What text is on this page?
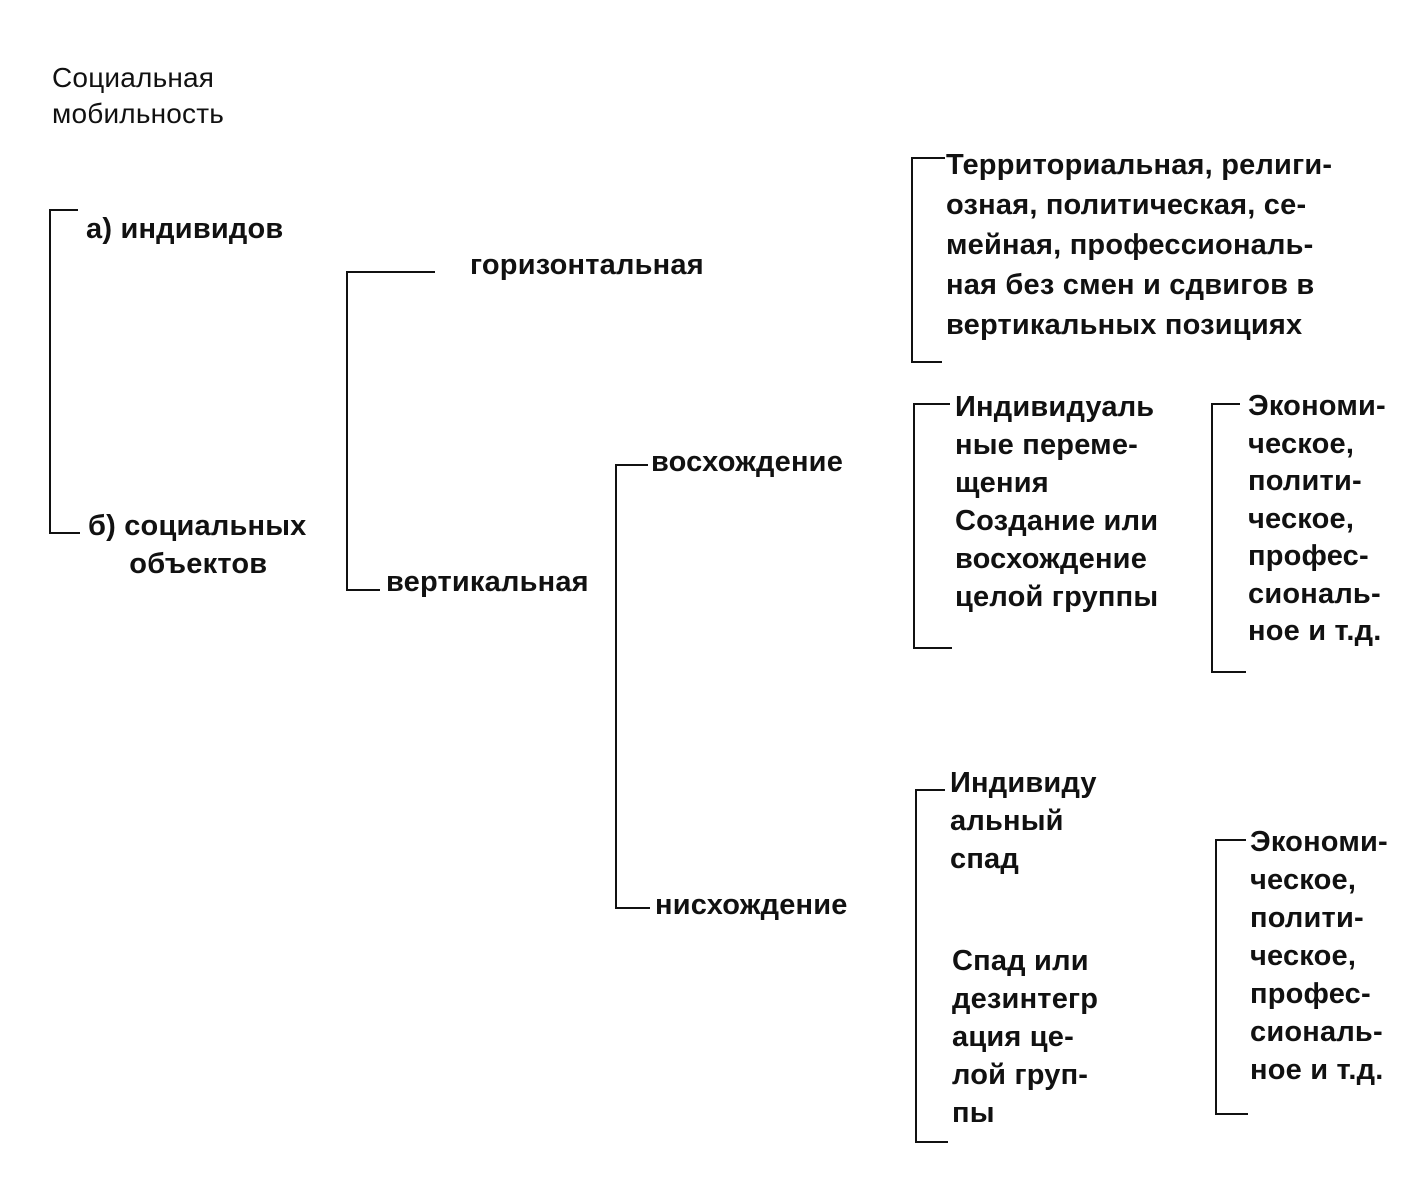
Социальная
мобильность
а) индивидов
б) социальных
объектов
горизонтальная
вертикальная
восхождение
нисхождение
Территориальная, религи-
озная, политическая, се-
мейная, профессиональ-
ная без смен и сдвигов в
вертикальных позициях
Индивидуаль
ные переме-
щения
Создание или
восхождение
целой группы
Экономи-
ческое,
полити-
ческое,
профес-
сиональ-
ное и т.д.
Индивиду
альный
спад
Спад или
дезинтегр
ация це-
лой груп-
пы
Экономи-
ческое,
полити-
ческое,
профес-
сиональ-
ное и т.д.
